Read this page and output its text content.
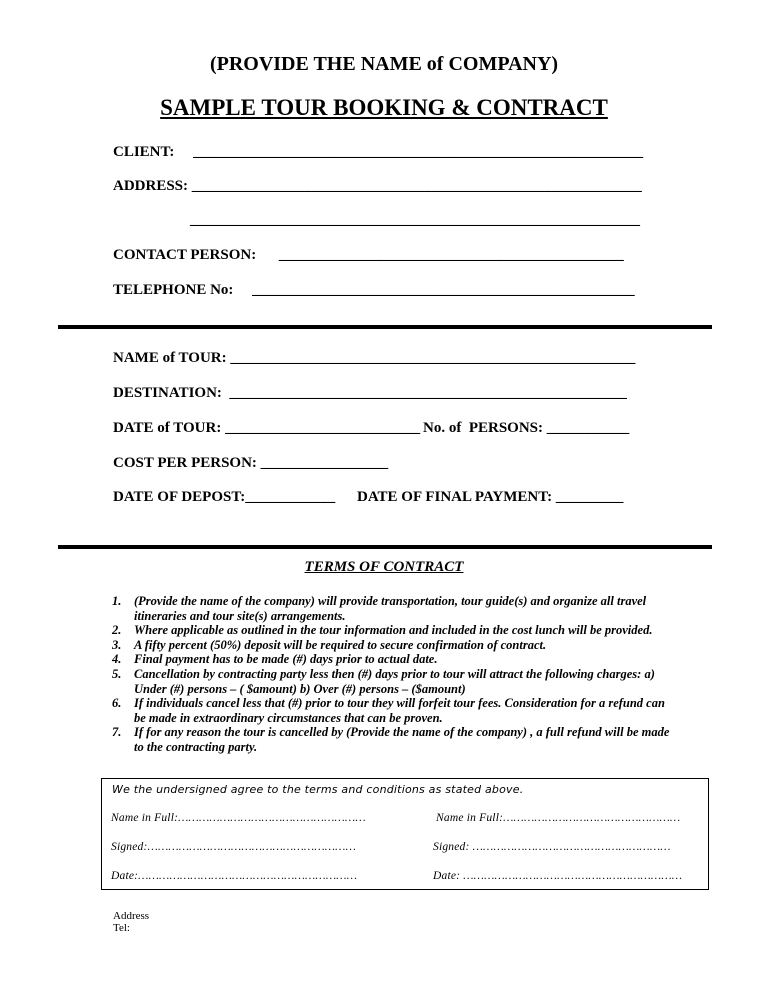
(PROVIDE THE NAME of COMPANY)
SAMPLE TOUR BOOKING & CONTRACT
CLIENT:     ____________________________________________________________
ADDRESS: ____________________________________________________________
____________________________________________________________
CONTACT PERSON:      ______________________________________________
TELEPHONE No:     ___________________________________________________
NAME of TOUR: ______________________________________________________
DESTINATION:  _____________________________________________________
DATE of TOUR: __________________________ No. of  PERSONS: ___________
COST PER PERSON: _________________
DATE OF DEPOST:____________ DATE OF FINAL PAYMENT: _________
TERMS OF CONTRACT
1.	(Provide the name of the company) will provide transportation, tour guide(s) and organize all travel itineraries and tour site(s) arrangements.
2.	Where applicable as outlined in the tour information and included in the cost lunch will be provided.
3.	A fifty percent (50%) deposit will be required to secure confirmation of contract.
4.	Final payment has to be made (#) days prior to actual date.
5.	Cancellation by contracting party less then (#) days prior to tour will attract the following charges: a) Under (#) persons – ( $amount) b) Over (#) persons – ($amount)
6.	If individuals cancel less that (#) prior to tour they will forfeit tour fees. Consideration for a refund can be made in extraordinary circumstances that can be proven.
7.	If for any reason the tour is cancelled by (Provide the name of the company) , a full refund will be made to the contracting party.
We the undersigned agree to the terms and conditions as stated above.
Name in Full:………………………………………………	Name in Full:……………………………………………
Signed:……………………………………………………	Signed: …………………………………………………
Date:………………………………………………………	Date: ………………………………………………………
Address
Tel:
